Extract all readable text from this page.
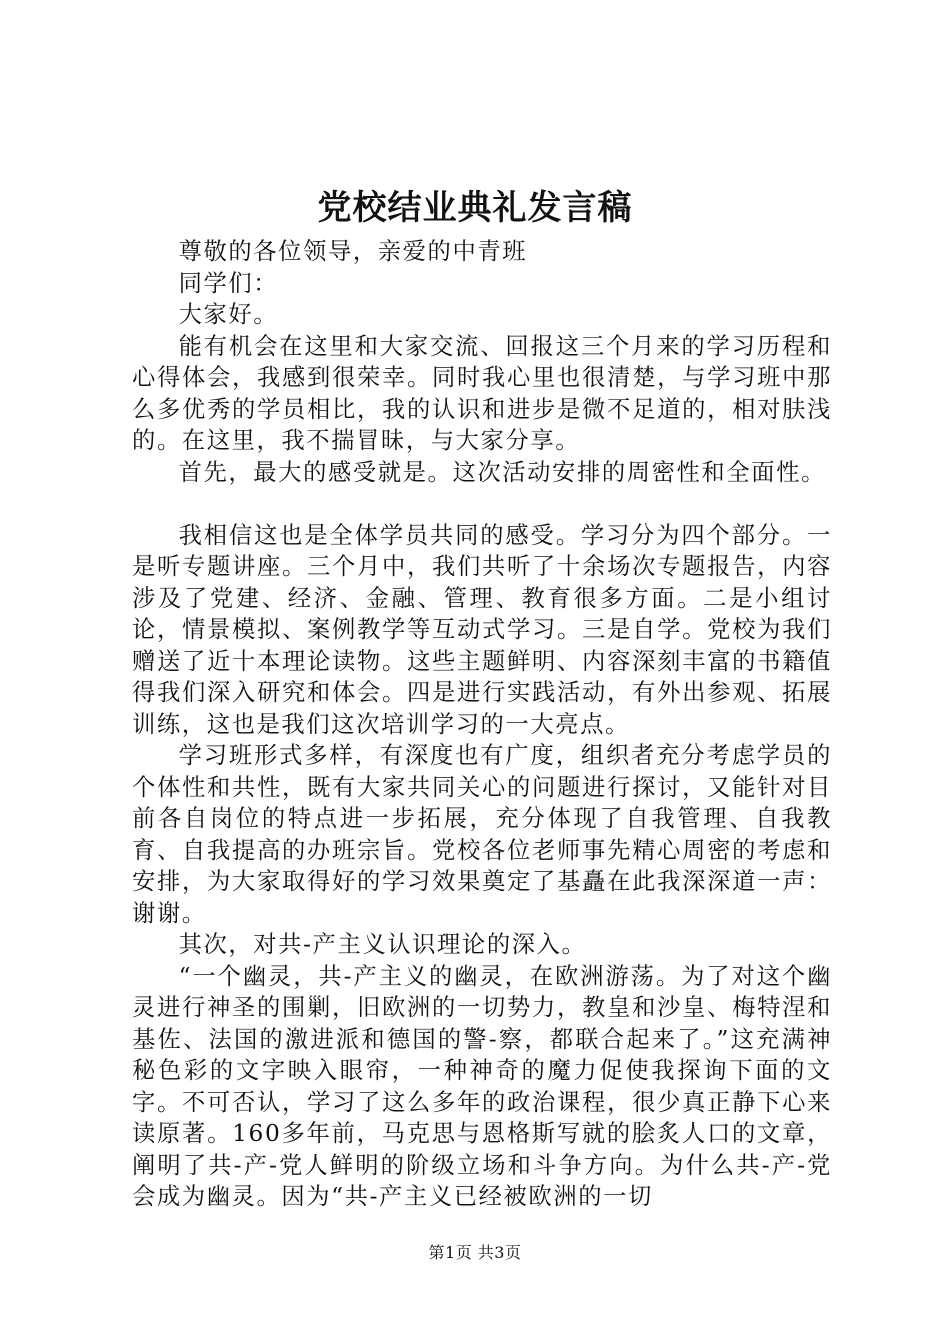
党校结业典礼发言稿

尊敬的各位领导，亲爱的中青班

同学们：

大家好。

能有机会在这里和大家交流、回报这三个月来的学习历程和心得体会，我感到很荣幸。同时我心里也很清楚，与学习班中那么多优秀的学员相比，我的认识和进步是微不足道的，相对肤浅的。在这里，我不揣冒昧，与大家分享。

首先，最大的感受就是。这次活动安排的周密性和全面性。

我相信这也是全体学员共同的感受。学习分为四个部分。一是听专题讲座。三个月中，我们共听了十余场次专题报告，内容涉及了党建、经济、金融、管理、教育很多方面。二是小组讨论，情景模拟、案例教学等互动式学习。三是自学。党校为我们赠送了近十本理论读物。这些主题鲜明、内容深刻丰富的书籍值得我们深入研究和体会。四是进行实践活动，有外出参观、拓展训练，这也是我们这次培训学习的一大亮点。

学习班形式多样，有深度也有广度，组织者充分考虑学员的个体性和共性，既有大家共同关心的问题进行探讨，又能针对目前各自岗位的特点进一步拓展，充分体现了自我管理、自我教育、自我提高的办班宗旨。党校各位老师事先精心周密的考虑和安排，为大家取得好的学习效果奠定了基矗在此我深深道一声：谢谢。

其次，对共-产主义认识理论的深入。

“一个幽灵，共-产主义的幽灵，在欧洲游荡。为了对这个幽灵进行神圣的围剿，旧欧洲的一切势力，教皇和沙皇、梅特涅和基佐、法国的激进派和德国的警-察，都联合起来了。”这充满神秘色彩的文字映入眼帘，一种神奇的魔力促使我探询下面的文字。不可否认，学习了这么多年的政治课程，很少真正静下心来读原著。160多年前，马克思与恩格斯写就的脍炙人口的文章，阐明了共-产-党人鲜明的阶级立场和斗争方向。为什么共-产-党会成为幽灵。因为“共-产主义已经被欧洲的一切

第1页 共3页
